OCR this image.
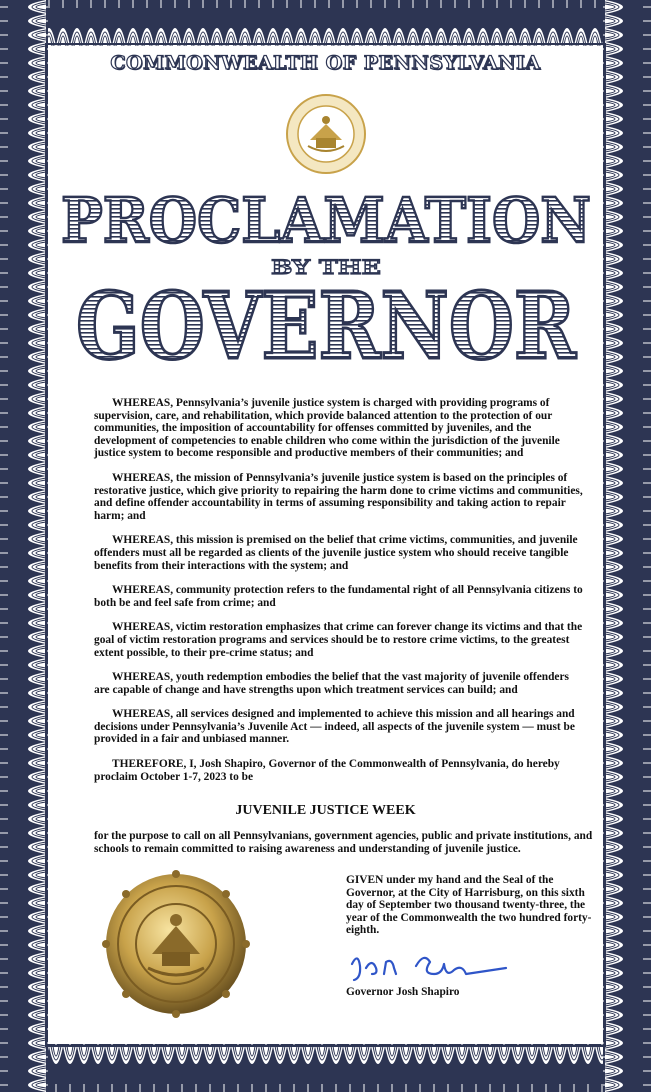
COMMONWEALTH OF PENNSYLVANIA
PROCLAMATION
BY THE
GOVERNOR

WHEREAS, Pennsylvania’s juvenile justice system is charged with providing programs of supervision, care, and rehabilitation, which provide balanced attention to the protection of our communities, the imposition of accountability for offenses committed by juveniles, and the development of competencies to enable children who come within the jurisdiction of the juvenile justice system to become responsible and productive members of their communities; and

WHEREAS, the mission of Pennsylvania’s juvenile justice system is based on the principles of restorative justice, which give priority to repairing the harm done to crime victims and communities, and define offender accountability in terms of assuming responsibility and taking action to repair harm; and

WHEREAS, this mission is premised on the belief that crime victims, communities, and juvenile offenders must all be regarded as clients of the juvenile justice system who should receive tangible benefits from their interactions with the system; and

WHEREAS, community protection refers to the fundamental right of all Pennsylvania citizens to both be and feel safe from crime; and

WHEREAS, victim restoration emphasizes that crime can forever change its victims and that the goal of victim restoration programs and services should be to restore crime victims, to the greatest extent possible, to their pre-crime status; and

WHEREAS, youth redemption embodies the belief that the vast majority of juvenile offenders are capable of change and have strengths upon which treatment services can build; and

WHEREAS, all services designed and implemented to achieve this mission and all hearings and decisions under Pennsylvania’s Juvenile Act — indeed, all aspects of the juvenile system — must be provided in a fair and unbiased manner.

THEREFORE, I, Josh Shapiro, Governor of the Commonwealth of Pennsylvania, do hereby proclaim October 1-7, 2023 to be

JUVENILE JUSTICE WEEK
for the purpose to call on all Pennsylvanians, government agencies, public and private institutions, and schools to remain committed to raising awareness and understanding of juvenile justice.
GIVEN under my hand and the Seal of the Governor, at the City of Harrisburg, on this sixth day of September two thousand twenty-three, the year of the Commonwealth the two hundred forty-eighth.
Governor Josh Shapiro
